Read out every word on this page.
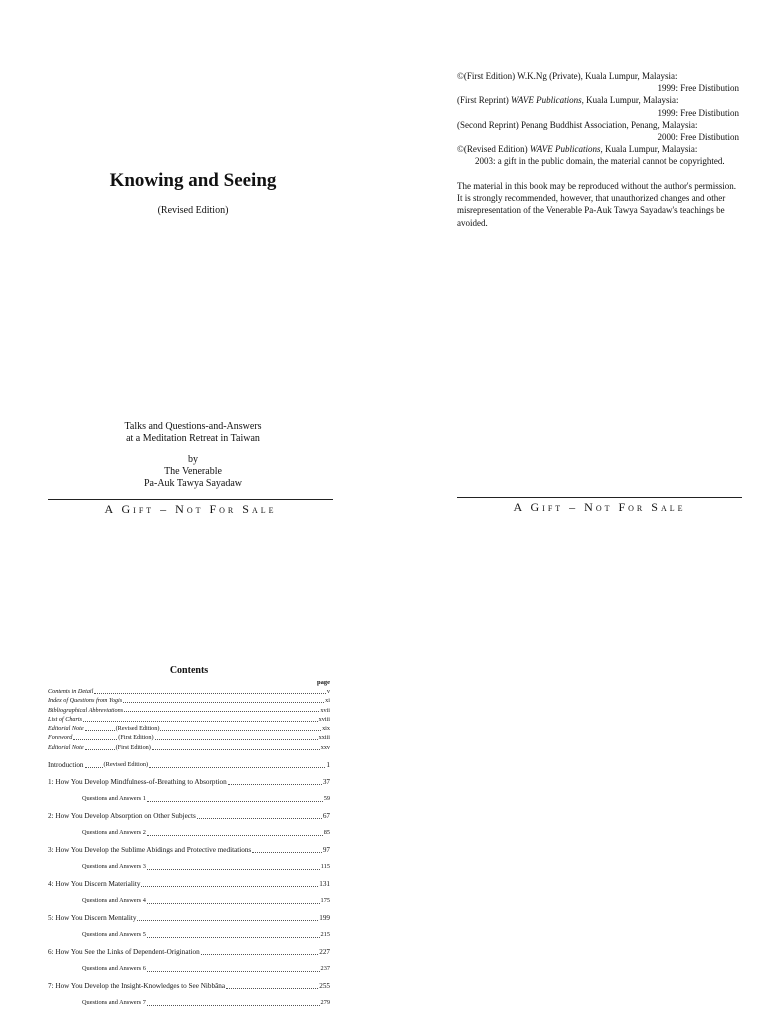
Knowing and Seeing
(Revised Edition)
Talks and Questions-and-Answers
at a Meditation Retreat in Taiwan
by
The Venerable
Pa-Auk Tawya Sayadaw
A Gift – Not For Sale
©(First Edition) W.K.Ng (Private), Kuala Lumpur, Malaysia:
1999: Free Distibution
(First Reprint) WAVE Publications, Kuala Lumpur, Malaysia:
1999: Free Distibution
(Second Reprint) Penang Buddhist Association, Penang, Malaysia:
2000: Free Distibution
©(Revised Edition) WAVE Publications, Kuala Lumpur, Malaysia:
2003: a gift in the public domain, the material cannot be copyrighted.
The material in this book may be reproduced without the author's permission. It is strongly recommended, however, that unauthorized changes and other misrepresentation of the Venerable Pa-Auk Tawya Sayadaw's teachings be avoided.
A Gift – Not For Sale
Contents
page
Contents in Detail	v
Index of Questions from Yogis	xi
Bibliographical Abbreviations	xvii
List of Charts	xviii
Editorial Note	(Revised Edition)	xix
Foreword	(First Edition)	xxiii
Editorial Note	(First Edition)	xxv
Introduction	(Revised Edition)	1
1:
How You Develop Mindfulness-of-Breathing to Absorption	37
Questions and Answers 1	59
2:
How You Develop Absorption on Other Subjects	67
Questions and Answers 2	85
3:
How You Develop the Sublime Abidings and Protective meditations	97
Questions and Answers 3	115
4:
How You Discern Materiality	131
Questions and Answers 4	175
5:
How You Discern Mentality	199
Questions and Answers 5	215
6:
How You See the Links of Dependent-Origination	227
Questions and Answers 6	237
7:
How You Develop the Insight-Knowledges to See Nibbāna	255
Questions and Answers 7	279
